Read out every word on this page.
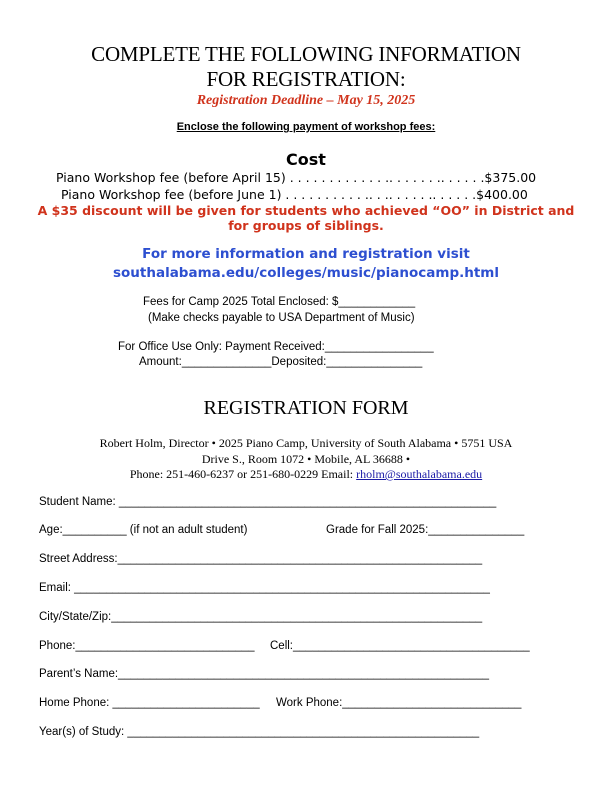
COMPLETE THE FOLLOWING INFORMATION
FOR REGISTRATION:
Registration Deadline – May 15, 2025
Enclose the following payment of workshop fees:
Cost
Piano Workshop fee (before April 15) . . . . . . . . . . . . .. . . . . . .. . . . . .$375.00
Piano Workshop fee (before June 1) . . . . . . . . . . .. . .. . . . . .. . . . . .$400.00
A $35 discount will be given for students who achieved “OO” in District and
for groups of siblings.
For more information and registration visit
southalabama.edu/colleges/music/pianocamp.html
Fees for Camp 2025 Total Enclosed: $____________
(Make checks payable to USA Department of Music)
For Office Use Only: Payment Received:_________________
Amount:______________Deposited:_______________
REGISTRATION FORM
Robert Holm, Director • 2025 Piano Camp, University of South Alabama • 5751 USA
Drive S., Room 1072 • Mobile, AL 36688 •
Phone: 251-460-6237 or 251-680-0229 Email: rholm@southalabama.edu
Student Name: ___________________________________________________________
Age:__________ (if not an adult student)	Grade for Fall 2025:_______________
Street Address:_________________________________________________________
Email: _________________________________________________________________
City/State/Zip:__________________________________________________________
Phone:____________________________ Cell:_____________________________________
Parent’s Name:__________________________________________________________
Home Phone: _______________________ Work Phone:____________________________
Year(s) of Study: _______________________________________________________
